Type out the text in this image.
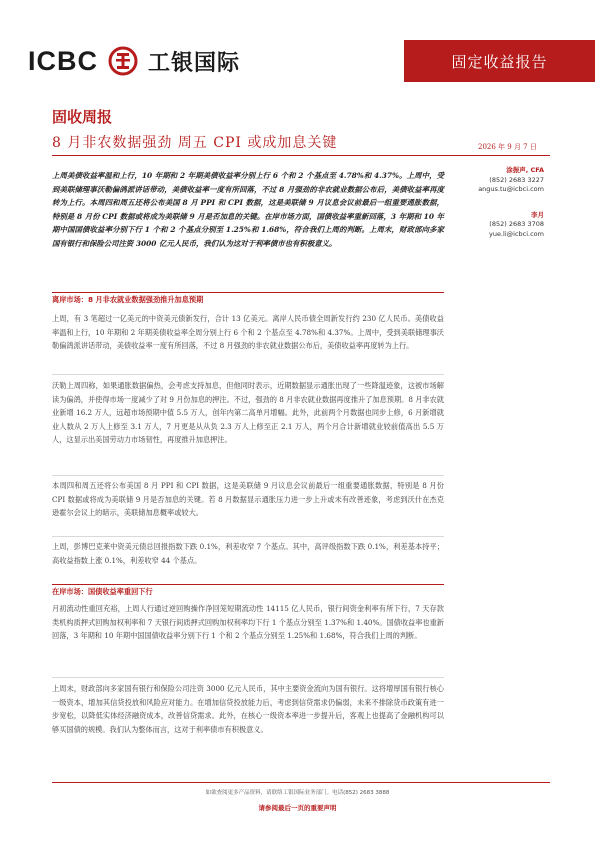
ICBC 工银国际	固定收益报告
固收周报
8 月非农数据强劲 周五 CPI 或成加息关键	2026 年 9 月 7 日
上周美债收益率温和上行，10 年期和 2 年期美债收益率分别上行 6 个和 2 个基点至 4.78%和 4.37%。上周中，受到美联储理事沃勒偏鸽派讲话带动，美债收益率一度有所回落，不过 8 月强劲的非农就业数据公布后，美债收益率再度转为上行。本周四和周五还将公布美国 8 月 PPI 和 CPI 数据，这是美联储 9 月议息会议前最后一组重要通胀数据，特别是 8 月份 CPI 数据或将成为美联储 9 月是否加息的关键。在岸市场方面，国债收益率重新回落，3 年期和 10 年期中国国债收益率分别下行 1 个和 2 个基点分别至 1.25%和 1.68%，符合我们上周的判断。上周末，财政部向多家国有银行和保险公司注资 3000 亿元人民币，我们认为这对于利率债市也有积极意义。
涂振声, CFA
(852) 2683 3227
angus.tu@icbci.com
李月
(852) 2683 3708
yue.li@icbci.com
离岸市场：8 月非农就业数据强劲推升加息预期
上周，有 3 笔超过一亿美元的中资美元债新发行，合计 13 亿美元。离岸人民币债全周新发行约 230 亿人民币。美债收益率温和上行，10 年期和 2 年期美债收益率全周分别上行 6 个和 2 个基点至 4.78%和 4.37%。上周中，受到美联储理事沃勒偏鸽派讲话带动，美债收益率一度有所回落，不过 8 月强劲的非农就业数据公布后，美债收益率再度转为上行。
沃勒上周四称，如果通胀数据偏热，会考虑支持加息，但他同时表示，近期数据显示通胀出现了一些降温迹象，这被市场解读为偏鸽，并使得市场一度减少了对 9 月份加息的押注。不过，强劲的 8 月非农就业数据再度推升了加息预期。8 月非农就业新增 16.2 万人，远超市场预期中值 5.5 万人，创年内第二高单月增幅。此外，此前两个月数据也同步上修，6 月新增就业人数从 2 万人上修至 3.1 万人，7 月更是从从负 2.3 万人上修至正 2.1 万人，两个月合计新增就业较前值高出 5.5 万人，这显示出美国劳动力市场韧性，再度推升加息押注。
本周四和周五还将公布美国 8 月 PPI 和 CPI 数据，这是美联储 9 月议息会议前最后一组重要通胀数据，特别是 8 月份 CPI 数据或将成为美联储 9 月是否加息的关键。若 8 月数据显示通胀压力进一步上升或未有改善迹象，考虑到沃什在杰克逊霍尔会议上的暗示，美联储加息概率或较大。
上周，彭博巴克莱中资美元债总回报指数下跌 0.1%，利差收窄 7 个基点。其中，高评级指数下跌 0.1%，利差基本持平；高收益指数上涨 0.1%，利差收窄 44 个基点。
在岸市场：国债收益率重回下行
月初流动性重回充裕，上周人行通过逆回购操作净回笼短期流动性 14115 亿人民币，银行间资金利率有所下行，7 天存款类机构质押式回购加权利率和 7 天银行间质押式回购加权利率均下行 1 个基点分别至 1.37%和 1.40%。国债收益率也重新回落，3 年期和 10 年期中国国债收益率分别下行 1 个和 2 个基点分别至 1.25%和 1.68%，符合我们上周的判断。
上周末，财政部向多家国有银行和保险公司注资 3000 亿元人民币，其中主要资金流向为国有银行。这将增厚国有银行核心一级资本，增加其信贷投放和风险应对能力。在增加信贷投放能力后，考虑到信贷需求仍偏弱，未来不排除货币政策有进一步宽松，以降低实体经济融资成本，改善信贷需求。此外，在核心一级资本率进一步提升后，客观上也提高了金融机构可以够买国债的规模。我们认为整体而言，这对于利率债市有积极意义。
如欲查阅更多产品资料，请联络工银国际业务部门。电话(852) 2683 3888
请参阅最后一页的重要声明
